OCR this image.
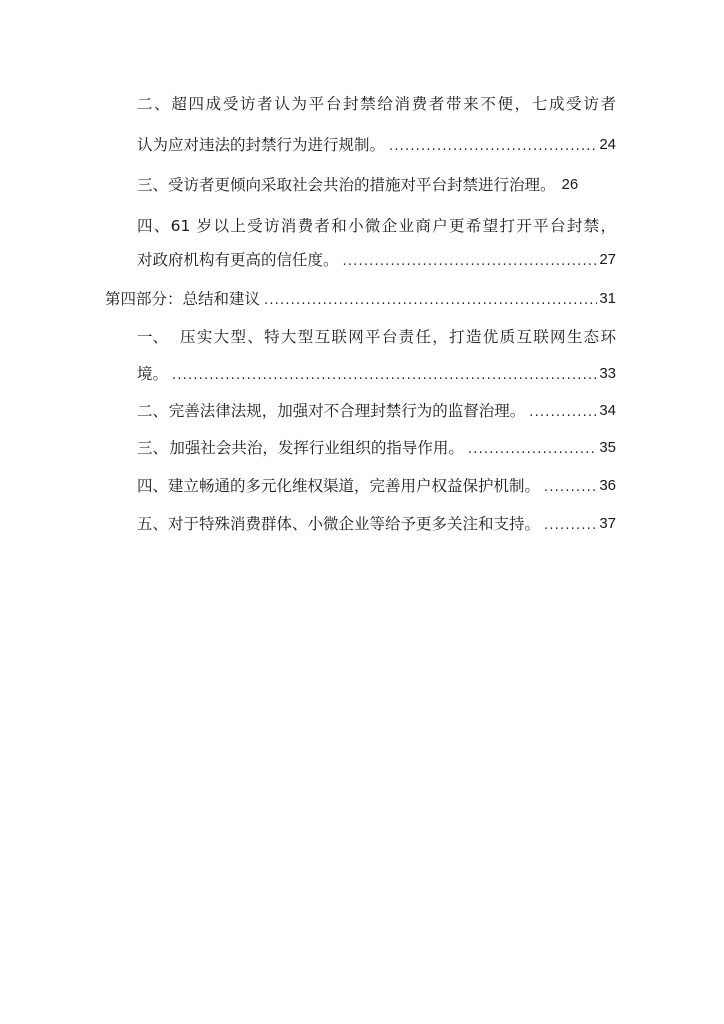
二、超四成受访者认为平台封禁给消费者带来不便，七成受访者
认为应对违法的封禁行为进行规制。 .....	24
三、受访者更倾向采取社会共治的措施对平台封禁进行治理。 26
四、61 岁以上受访消费者和小微企业商户更希望打开平台封禁，
对政府机构有更高的信任度。 .....	27
第四部分：总结和建议 .....	31
一、 压实大型、特大型互联网平台责任，打造优质互联网生态环
境。 .....	33
二、 完善法律法规，加强对不合理封禁行为的监督治理。 .....	34
三、 加强社会共治，发挥行业组织的指导作用。 .....	35
四、建立畅通的多元化维权渠道，完善用户权益保护机制。 .....	36
五、对于特殊消费群体、小微企业等给予更多关注和支持。 .....	37
